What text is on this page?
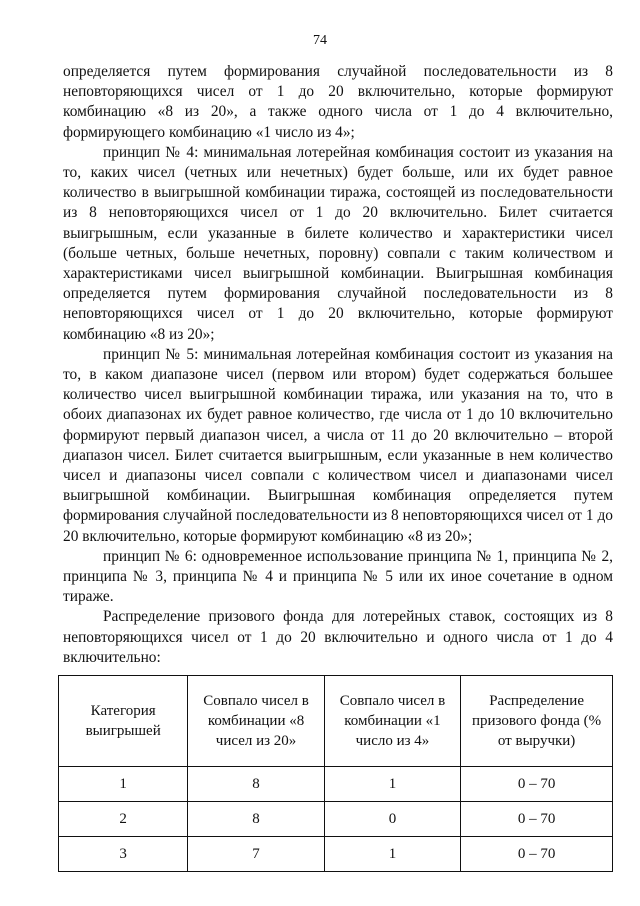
74

определяется путем формирования случайной последовательности из 8 неповторяющихся чисел от 1 до 20 включительно, которые формируют комбинацию «8 из 20», а также одного числа от 1 до 4 включительно, формирующего комбинацию «1 число из 4»;

принцип № 4: минимальная лотерейная комбинация состоит из указания на то, каких чисел (четных или нечетных) будет больше, или их будет равное количество в выигрышной комбинации тиража, состоящей из последовательности из 8 неповторяющихся чисел от 1 до 20 включительно. Билет считается выигрышным, если указанные в билете количество и характеристики чисел (больше четных, больше нечетных, поровну) совпали с таким количеством и характеристиками чисел выигрышной комбинации. Выигрышная комбинация определяется путем формирования случайной последовательности из 8 неповторяющихся чисел от 1 до 20 включительно, которые формируют комбинацию «8 из 20»;

принцип № 5: минимальная лотерейная комбинация состоит из указания на то, в каком диапазоне чисел (первом или втором) будет содержаться большее количество чисел выигрышной комбинации тиража, или указания на то, что в обоих диапазонах их будет равное количество, где числа от 1 до 10 включительно формируют первый диапазон чисел, а числа от 11 до 20 включительно – второй диапазон чисел. Билет считается выигрышным, если указанные в нем количество чисел и диапазоны чисел совпали с количеством чисел и диапазонами чисел выигрышной комбинации. Выигрышная комбинация определяется путем формирования случайной последовательности из 8 неповторяющихся чисел от 1 до 20 включительно, которые формируют комбинацию «8 из 20»;

принцип № 6: одновременное использование принципа № 1, принципа № 2, принципа № 3, принципа № 4 и принципа № 5 или их иное сочетание в одном тираже.

Распределение призового фонда для лотерейных ставок, состоящих из 8 неповторяющихся чисел от 1 до 20 включительно и одного числа от 1 до 4 включительно:

Категория выигрышей	Совпало чисел в комбинации «8 чисел из 20»	Совпало чисел в комбинации «1 число из 4»	Распределение призового фонда (% от выручки)
1	8	1	0 – 70
2	8	0	0 – 70
3	7	1	0 – 70
